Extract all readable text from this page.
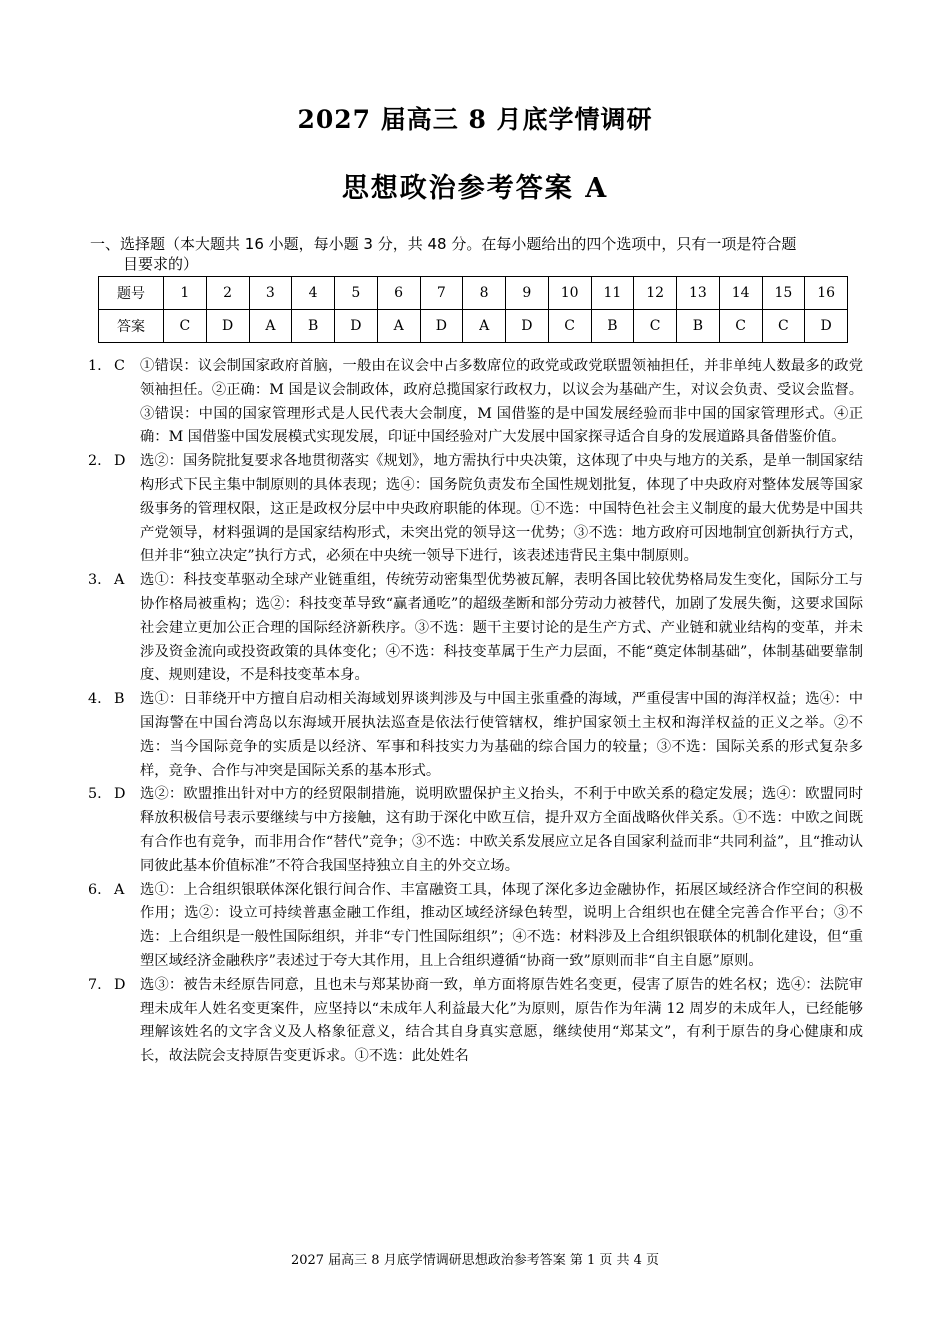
2027 届高三 8 月底学情调研
思想政治参考答案 A
一、选择题（本大题共 16 小题，每小题 3 分，共 48 分。在每小题给出的四个选项中，只有一项是符合题
目要求的）
题号	1	2	3	4	5	6	7	8	9	10	11	12	13	14	15	16
答案	C	D	A	B	D	A	D	A	D	C	B	C	B	C	C	D
1. C ①错误：议会制国家政府首脑，一般由在议会中占多数席位的政党或政党联盟领袖担任，并非单纯人数最多的政党领袖担任。②正确：M 国是议会制政体，政府总揽国家行政权力，以议会为基础产生，对议会负责、受议会监督。③错误：中国的国家管理形式是人民代表大会制度，M 国借鉴的是中国发展经验而非中国的国家管理形式。④正确：M 国借鉴中国发展模式实现发展，印证中国经验对广大发展中国家探寻适合自身的发展道路具备借鉴价值。
2. D 选②：国务院批复要求各地贯彻落实《规划》，地方需执行中央决策，这体现了中央与地方的关系，是单一制国家结构形式下民主集中制原则的具体表现；选④：国务院负责发布全国性规划批复，体现了中央政府对整体发展等国家级事务的管理权限，这正是政权分层中中央政府职能的体现。①不选：中国特色社会主义制度的最大优势是中国共产党领导，材料强调的是国家结构形式，未突出党的领导这一优势；③不选：地方政府可因地制宜创新执行方式，但并非“独立决定”执行方式，必须在中央统一领导下进行，该表述违背民主集中制原则。
3. A 选①：科技变革驱动全球产业链重组，传统劳动密集型优势被瓦解，表明各国比较优势格局发生变化，国际分工与协作格局被重构；选②：科技变革导致“赢者通吃”的超级垄断和部分劳动力被替代，加剧了发展失衡，这要求国际社会建立更加公正合理的国际经济新秩序。③不选：题干主要讨论的是生产方式、产业链和就业结构的变革，并未涉及资金流向或投资政策的具体变化；④不选：科技变革属于生产力层面，不能“奠定体制基础”，体制基础要靠制度、规则建设，不是科技变革本身。
4. B 选①：日菲绕开中方擅自启动相关海域划界谈判涉及与中国主张重叠的海域，严重侵害中国的海洋权益；选④：中国海警在中国台湾岛以东海域开展执法巡查是依法行使管辖权，维护国家领土主权和海洋权益的正义之举。②不选：当今国际竞争的实质是以经济、军事和科技实力为基础的综合国力的较量；③不选：国际关系的形式复杂多样，竞争、合作与冲突是国际关系的基本形式。
5. D 选②：欧盟推出针对中方的经贸限制措施，说明欧盟保护主义抬头，不利于中欧关系的稳定发展；选④：欧盟同时释放积极信号表示要继续与中方接触，这有助于深化中欧互信，提升双方全面战略伙伴关系。①不选：中欧之间既有合作也有竞争，而非用合作“替代”竞争；③不选：中欧关系发展应立足各自国家利益而非“共同利益”，且“推动认同彼此基本价值标准”不符合我国坚持独立自主的外交立场。
6. A 选①：上合组织银联体深化银行间合作、丰富融资工具，体现了深化多边金融协作，拓展区域经济合作空间的积极作用；选②：设立可持续普惠金融工作组，推动区域经济绿色转型，说明上合组织也在健全完善合作平台；③不选：上合组织是一般性国际组织，并非“专门性国际组织”；④不选：材料涉及上合组织银联体的机制化建设，但“重塑区域经济金融秩序”表述过于夸大其作用，且上合组织遵循“协商一致”原则而非“自主自愿”原则。
7. D 选③：被告未经原告同意，且也未与郑某协商一致，单方面将原告姓名变更，侵害了原告的姓名权；选④：法院审理未成年人姓名变更案件，应坚持以“未成年人利益最大化”为原则，原告作为年满 12 周岁的未成年人，已经能够理解该姓名的文字含义及人格象征意义，结合其自身真实意愿，继续使用“郑某文”，有利于原告的身心健康和成长，故法院会支持原告变更诉求。①不选：此处姓名
2027 届高三 8 月底学情调研思想政治参考答案 第 1 页 共 4 页
